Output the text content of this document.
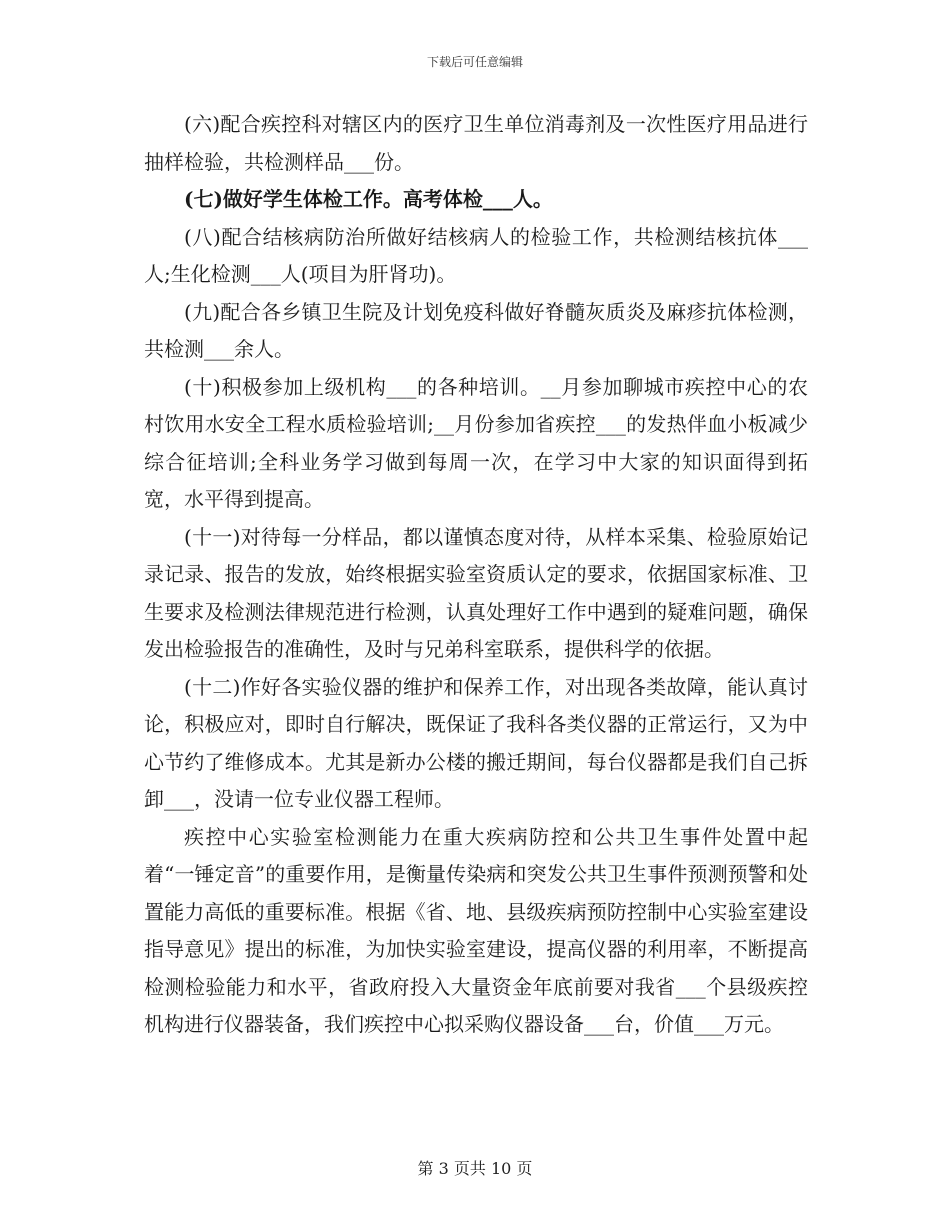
下载后可任意编辑

(六)配合疾控科对辖区内的医疗卫生单位消毒剂及一次性医疗用品进行抽样检验，共检测样品___份。

(七)做好学生体检工作。高考体检___人。

(八)配合结核病防治所做好结核病人的检验工作，共检测结核抗体___人;生化检测___人(项目为肝肾功)。

(九)配合各乡镇卫生院及计划免疫科做好脊髓灰质炎及麻疹抗体检测，共检测___余人。

(十)积极参加上级机构___的各种培训。__月参加聊城市疾控中心的农村饮用水安全工程水质检验培训;__月份参加省疾控___的发热伴血小板减少综合征培训;全科业务学习做到每周一次，在学习中大家的知识面得到拓宽，水平得到提高。

(十一)对待每一分样品，都以谨慎态度对待，从样本采集、检验原始记录记录、报告的发放，始终根据实验室资质认定的要求，依据国家标准、卫生要求及检测法律规范进行检测，认真处理好工作中遇到的疑难问题，确保发出检验报告的准确性，及时与兄弟科室联系，提供科学的依据。

(十二)作好各实验仪器的维护和保养工作，对出现各类故障，能认真讨论，积极应对，即时自行解决，既保证了我科各类仪器的正常运行，又为中心节约了维修成本。尤其是新办公楼的搬迁期间，每台仪器都是我们自己拆卸___，没请一位专业仪器工程师。

疾控中心实验室检测能力在重大疾病防控和公共卫生事件处置中起着“一锤定音”的重要作用，是衡量传染病和突发公共卫生事件预测预警和处置能力高低的重要标准。根据《省、地、县级疾病预防控制中心实验室建设指导意见》提出的标准，为加快实验室建设，提高仪器的利用率，不断提高检测检验能力和水平，省政府投入大量资金年底前要对我省___个县级疾控机构进行仪器装备，我们疾控中心拟采购仪器设备___台，价值___万元。

第 3 页共 10 页
